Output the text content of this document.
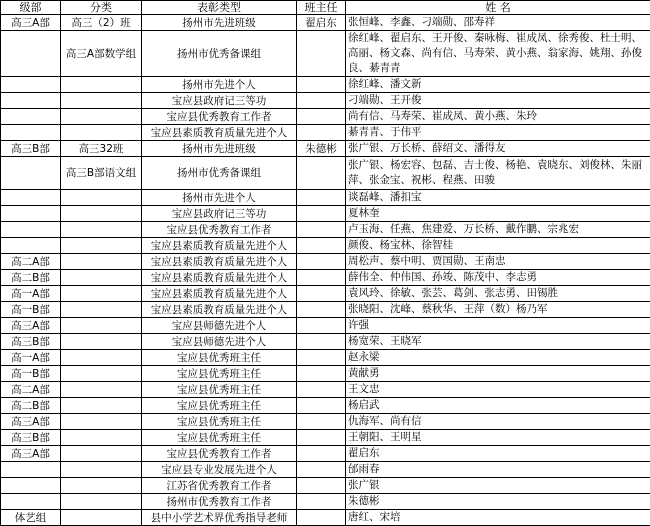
级部	分类	表彰类型	班主任	姓 名
高三A部	高三（2）班	扬州市先进班级	翟启东	张恒峰、李鑫、刁端勋、邵寿祥
	高三A部数学组	扬州市优秀备课组		徐红峰、翟启东、王开俊、秦咏梅、崔成凤、徐秀俊、杜士明、高丽、杨文森、尚有信、马寿荣、黄小燕、翁家海、姚翔、孙俊良、綦青青
		扬州市先进个人		徐红峰、潘文新
		宝应县政府记三等功		刁端勋、王开俊
		宝应县优秀教育工作者		尚有信、马寿荣、崔成凤、黄小燕、朱玲
		宝应县素质教育质量先进个人		綦青青、于伟平
高三B部	高三32班	扬州市先进班级	朱德彬	张广银、万长桥、薛绍文、潘得友
	高三B部语文组	扬州市优秀备课组		张广银、杨宏容、包磊、吉士俊、杨艳、袁晓东、刘俊林、朱丽萍、张金宝、祝彬、程燕、田骏
		扬州市先进个人		谈磊峰、潘扣宝
		宝应县政府记三等功		夏林奎
		宝应县优秀教育工作者		卢玉海、任燕、焦建爱、万长桥、戴作鹏、宗兆宏
		宝应县素质教育质量先进个人		颜俊、杨宝林、徐智桂
高二A部		宝应县素质教育质量先进个人		周松声、蔡中明、贾国勋、王南忠
高二B部		宝应县素质教育质量先进个人		薛伟全、仲伟国、孙竣、陈茂中、李志勇
高一A部		宝应县素质教育质量先进个人		袁风玲、徐敏、张芸、葛剑、张志勇、田锡胜
高一B部		宝应县素质教育质量先进个人		张晓阳、沈峰、蔡秋华、王萍（数）杨乃军
高三A部		宝应县师德先进个人		许强
高三B部		宝应县师德先进个人		杨宽荣、王晓军
高一A部		宝应县优秀班主任		赵永梁
高一B部		宝应县优秀班主任		黄献勇
高二A部		宝应县优秀班主任		王文忠
高二B部		宝应县优秀班主任		杨启武
高三A部		宝应县优秀班主任		仇海军、尚有信
高三B部		宝应县优秀班主任		王朝阳、王明星
高三A部		宝应县优秀教育工作者		翟启东
		宝应县专业发展先进个人		邰雨春
		江苏省优秀教育工作者		张广银
		扬州市优秀教育工作者		朱德彬
体艺组		县中小学艺术界优秀指导老师		唐红、宋培
